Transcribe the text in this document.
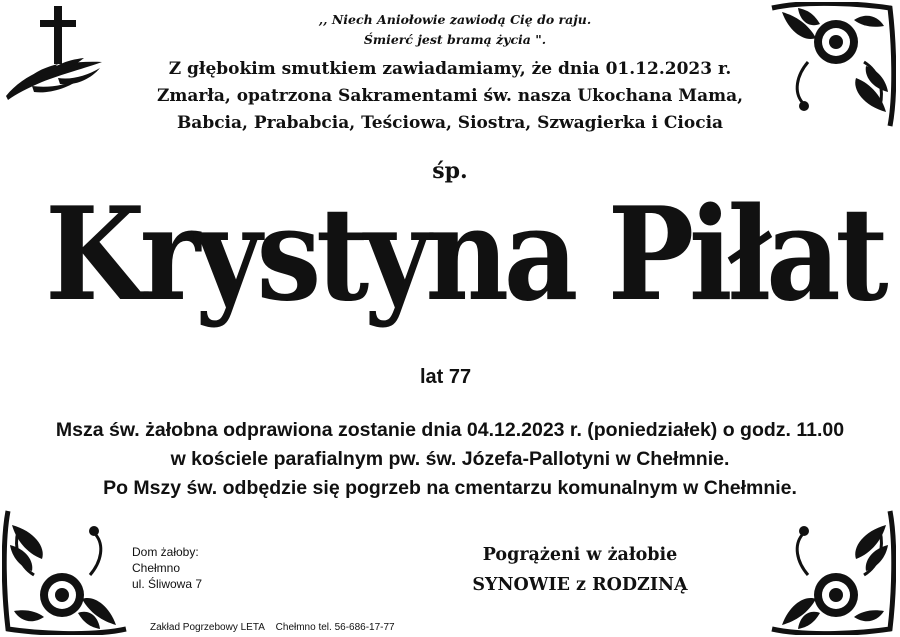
,, Niech Aniołowie zawiodą Cię do raju.
Śmierć jest bramą życia ".
Z głębokim smutkiem zawiadamiamy, że dnia 01.12.2023 r.
Zmarła, opatrzona Sakramentami św. nasza Ukochana Mama,
Babcia, Prababcia, Teściowa, Siostra, Szwagierka i Ciocia
śp.
Krystyna Piłat
lat 77
Msza św. żałobna odprawiona zostanie dnia 04.12.2023 r. (poniedziałek) o godz. 11.00
w kościele parafialnym pw. św. Józefa-Pallotyni w Chełmnie.
Po Mszy św. odbędzie się pogrzeb na cmentarzu komunalnym w Chełmnie.
Dom żałoby:
Chełmno
ul. Śliwowa 7
Pogrążeni w żałobie
SYNOWIE z RODZINĄ
Zakład Pogrzebowy LETA Chełmno tel. 56-686-17-77
